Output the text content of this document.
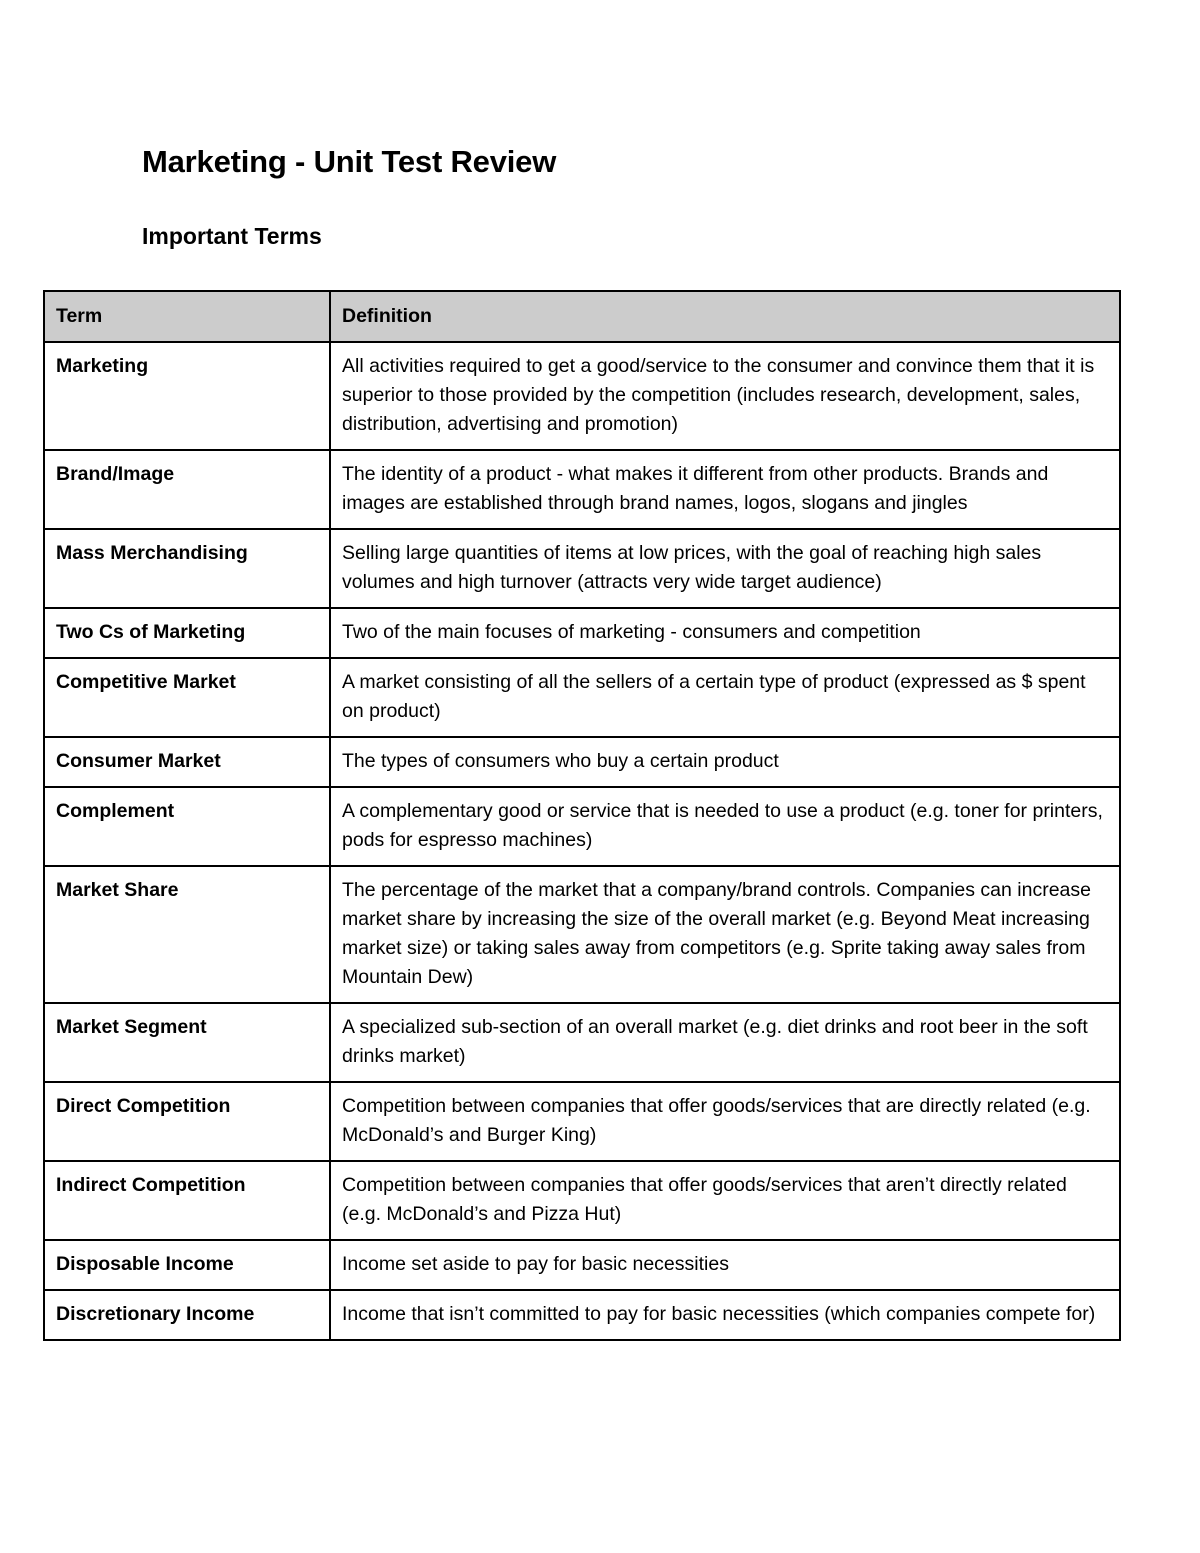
Marketing - Unit Test Review
Important Terms
Term	Definition
Marketing	All activities required to get a good/service to the consumer and convince them that it is superior to those provided by the competition (includes research, development, sales, distribution, advertising and promotion)
Brand/Image	The identity of a product - what makes it different from other products. Brands and images are established through brand names, logos, slogans and jingles
Mass Merchandising	Selling large quantities of items at low prices, with the goal of reaching high sales volumes and high turnover (attracts very wide target audience)
Two Cs of Marketing	Two of the main focuses of marketing - consumers and competition
Competitive Market	A market consisting of all the sellers of a certain type of product (expressed as $ spent on product)
Consumer Market	The types of consumers who buy a certain product
Complement	A complementary good or service that is needed to use a product (e.g. toner for printers, pods for espresso machines)
Market Share	The percentage of the market that a company/brand controls. Companies can increase market share by increasing the size of the overall market (e.g. Beyond Meat increasing market size) or taking sales away from competitors (e.g. Sprite taking away sales from Mountain Dew)
Market Segment	A specialized sub-section of an overall market (e.g. diet drinks and root beer in the soft drinks market)
Direct Competition	Competition between companies that offer goods/services that are directly related (e.g. McDonald’s and Burger King)
Indirect Competition	Competition between companies that offer goods/services that aren’t directly related (e.g. McDonald’s and Pizza Hut)
Disposable Income	Income set aside to pay for basic necessities
Discretionary Income	Income that isn’t committed to pay for basic necessities (which companies compete for)
